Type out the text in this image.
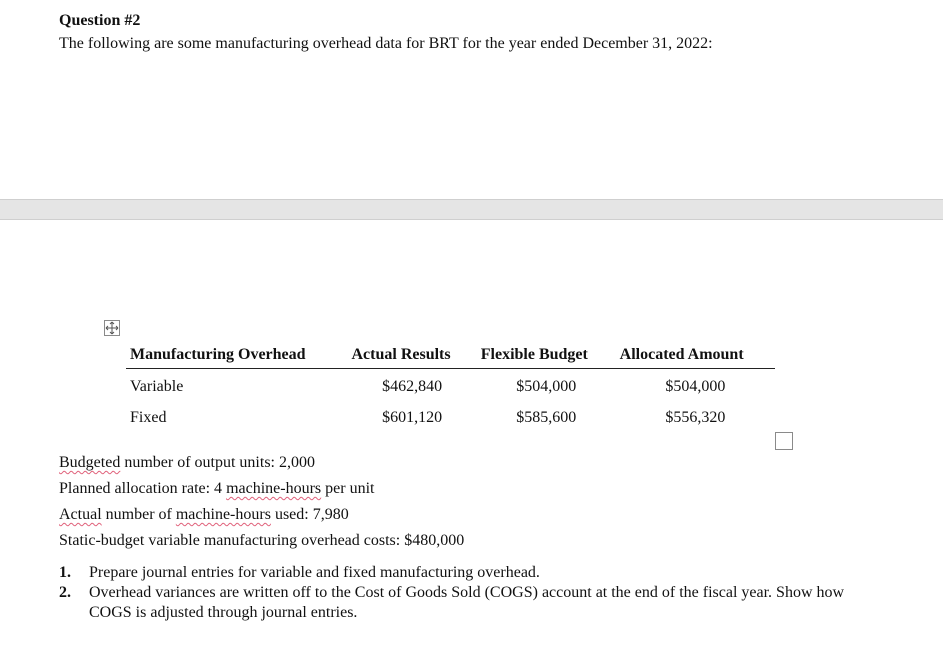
Question #2
The following are some manufacturing overhead data for BRT for the year ended December 31, 2022:
Manufacturing Overhead	Actual Results	Flexible Budget	Allocated Amount
Variable	$462,840	$504,000	$504,000
Fixed	$601,120	$585,600	$556,320
Budgeted number of output units: 2,000
Planned allocation rate: 4 machine-hours per unit
Actual number of machine-hours used: 7,980
Static-budget variable manufacturing overhead costs: $480,000
1.	Prepare journal entries for variable and fixed manufacturing overhead.
2.	Overhead variances are written off to the Cost of Goods Sold (COGS) account at the end of the fiscal year. Show how COGS is adjusted through journal entries.
